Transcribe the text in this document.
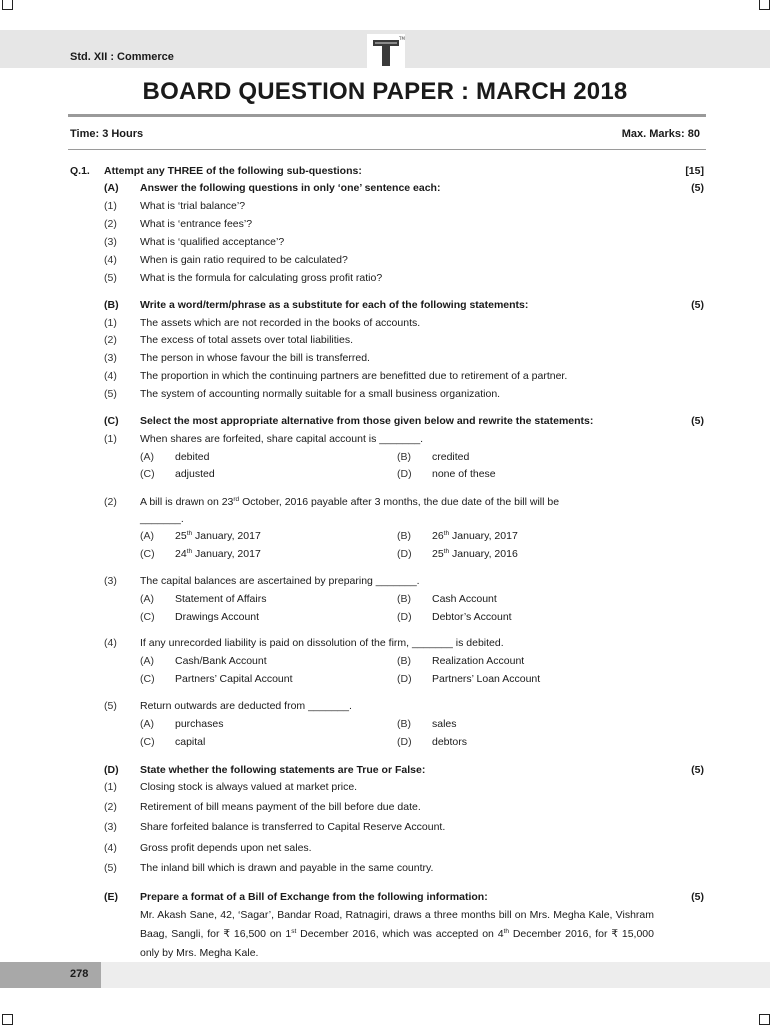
Std. XII : Commerce
TM
BOARD QUESTION PAPER : MARCH 2018
Time: 3 Hours	Max. Marks: 80
Q.1. Attempt any THREE of the following sub-questions:	[15]
(A) Answer the following questions in only ‘one’ sentence each:	(5)
(1) What is ‘trial balance’?
(2) What is ‘entrance fees’?
(3) What is ‘qualified acceptance’?
(4) When is gain ratio required to be calculated?
(5) What is the formula for calculating gross profit ratio?
(B) Write a word/term/phrase as a substitute for each of the following statements:	(5)
(1) The assets which are not recorded in the books of accounts.
(2) The excess of total assets over total liabilities.
(3) The person in whose favour the bill is transferred.
(4) The proportion in which the continuing partners are benefitted due to retirement of a partner.
(5) The system of accounting normally suitable for a small business organization.
(C) Select the most appropriate alternative from those given below and rewrite the statements:	(5)
(1) When shares are forfeited, share capital account is _______.
(A) debited	(B) credited
(C) adjusted	(D) none of these
(2) A bill is drawn on 23rd October, 2016 payable after 3 months, the due date of the bill will be
_______.
(A) 25th January, 2017	(B) 26th January, 2017
(C) 24th January, 2017	(D) 25th January, 2016
(3) The capital balances are ascertained by preparing _______.
(A) Statement of Affairs	(B) Cash Account
(C) Drawings Account	(D) Debtor’s Account
(4) If any unrecorded liability is paid on dissolution of the firm, _______ is debited.
(A) Cash/Bank Account	(B) Realization Account
(C) Partners’ Capital Account	(D) Partners’ Loan Account
(5) Return outwards are deducted from _______.
(A) purchases	(B) sales
(C) capital	(D) debtors
(D) State whether the following statements are True or False:	(5)
(1) Closing stock is always valued at market price.
(2) Retirement of bill means payment of the bill before due date.
(3) Share forfeited balance is transferred to Capital Reserve Account.
(4) Gross profit depends upon net sales.
(5) The inland bill which is drawn and payable in the same country.
(E) Prepare a format of a Bill of Exchange from the following information:	(5)
Mr. Akash Sane, 42, ‘Sagar’, Bandar Road, Ratnagiri, draws a three months bill on Mrs. Megha Kale, Vishram Baag, Sangli, for ₹ 16,500 on 1st December 2016, which was accepted on 4th December 2016, for ₹ 15,000 only by Mrs. Megha Kale.
278
